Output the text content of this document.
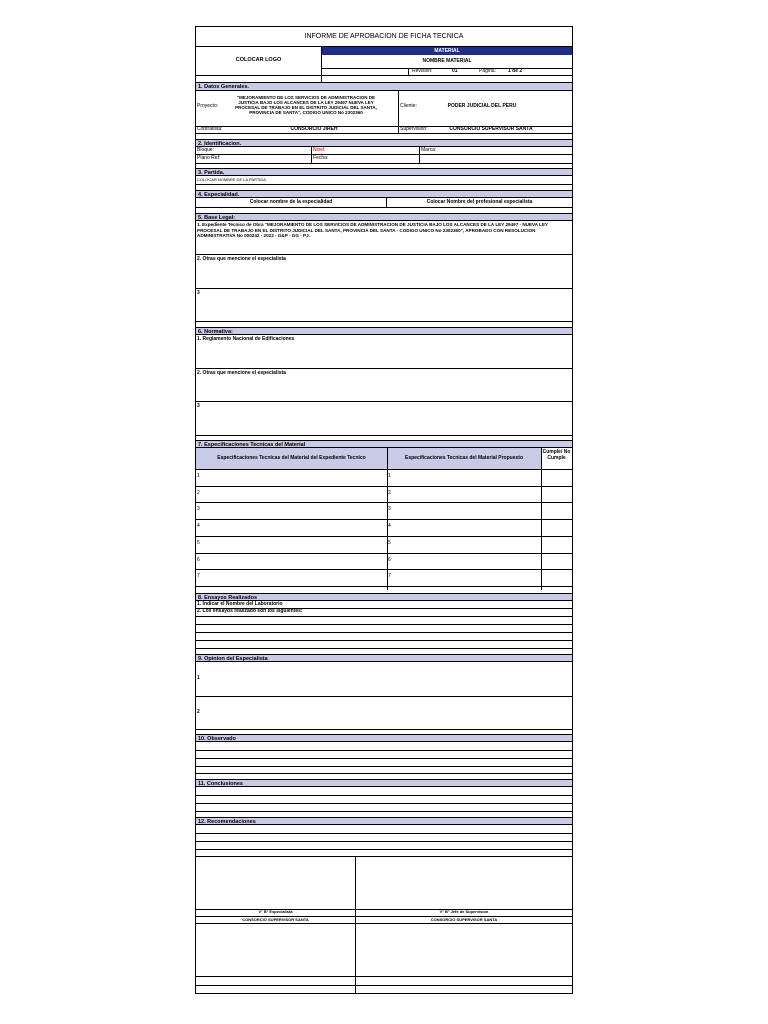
INFORME DE APROBACION DE FICHA TECNICA
COLOCAR LOGO
MATERIAL
NOMBRE MATERIAL
Revision:	01	Pagina:	1 de 2
1. Datos Generales.
Proyecto:
"MEJORAMIENTO DE LOS SERVICIOS DE ADMINISTRACION DE JUSTICIA BAJO LOS ALCANCES DE LA LEY 29497 NUEVA LEY PROCESAL DE TRABAJO EN EL DISTRITO JUDICIAL DEL SANTA, PROVINCIA DE SANTA", CODIGO UNICO No 2302360
Cliente:	PODER JUDICIAL DEL PERU
Contratista:	CONSORCIO JIREH	Supervision:	CONSORCIO SUPERVISOR SANTA
2. Identificacion.
Bloque:	Nivel:	Marca:
Plano Ref:	Fecha:
3. Partida.
COLOCAR NOMBRE DE LA PARTIDA
4. Especialidad.
Colocar nombre de la especialidad	Colocar Nombre del profesional especialista
5. Base Legal:
1. Expediente Tecnico de Obra "MEJORAMIENTO DE LOS SERVICIOS DE ADMINISTRACION DE JUSTICIA BAJO LOS ALCANCES DE LA LEY 29497 - NUEVA LEY PROCESAL DE TRABAJO EN EL DISTRITO JUDICIAL DEL SANTA, PROVINCIA DEL SANTA - CODIGO UNICO No 2302360", APROBADO CON RESOLUCION ADMINISTRATIVA No 000242 - 2022 - G&P - GG - PJ.
2. Otras que mencione el especialista
3
6. Normativa:
1. Reglamento Nacional de Edificaciones
2. Otras que mencione el especialista
3
7. Especificaciones Tecnicas del Material
Especificaciones Tecnicas del Material del Expediente Tecnico	Especificaciones Tecnicas del Material Propuesto
Cumple/ No Cumple
1	1
2	2
3	3
4	4
5	5
6	6
7	7
8. Ensayos Realizados
1. Indicar el Nombre del Laboratorio
2. Los ensayos realizado son los siguientes:
9. Opinion del Especialista
1
2
10. Observado
11. Conclusiones
12. Recomendaciones
V° B° Especialista	V° B° Jefe de Supervision
CONSORCIO SUPERVISOR SANTA	CONSORCIO SUPERVISOR SANTA
